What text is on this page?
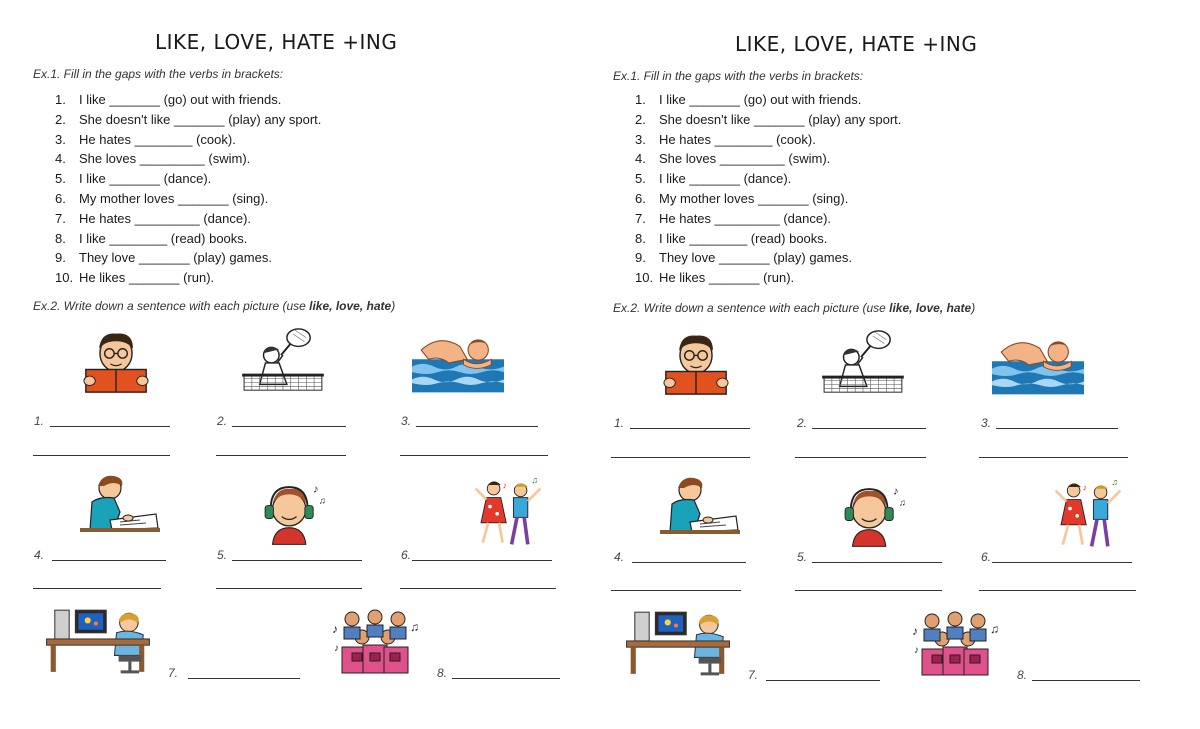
LIKE, LOVE, HATE +ING
Ex.1. Fill in the gaps with the verbs in brackets:
1. I like _______ (go) out with friends.
2. She doesn't like _______ (play) any sport.
3. He hates ________ (cook).
4. She loves _________ (swim).
5. I like _______ (dance).
6. My mother loves _______ (sing).
7. He hates _________ (dance).
8. I like ________ (read) books.
9. They love _______ (play) games.
10. He likes _______ (run).
Ex.2. Write down a sentence with each picture (use like, love, hate)
1.	2.	3.
4.	5.	6.
7.	8.
LIKE, LOVE, HATE +ING
Ex.1. Fill in the gaps with the verbs in brackets:
1. I like _______ (go) out with friends.
2. She doesn't like _______ (play) any sport.
3. He hates ________ (cook).
4. She loves _________ (swim).
5. I like _______ (dance).
6. My mother loves _______ (sing).
7. He hates _________ (dance).
8. I like ________ (read) books.
9. They love _______ (play) games.
10. He likes _______ (run).
Ex.2. Write down a sentence with each picture (use like, love, hate)
1.	2.	3.
4.	5.	6.
7.	8.
